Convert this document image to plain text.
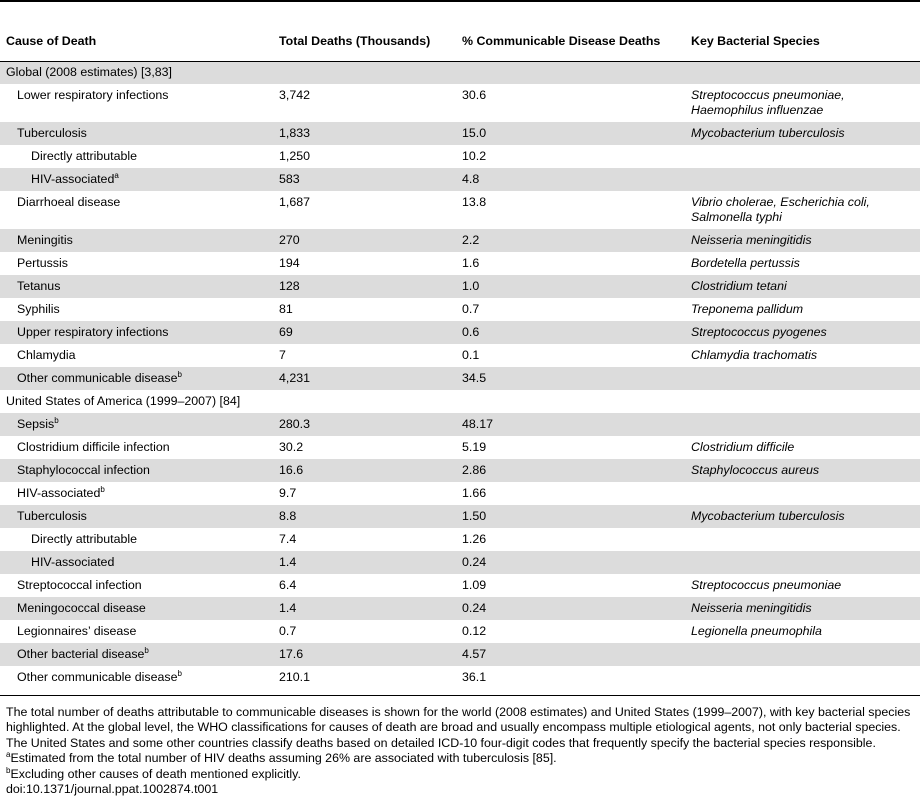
Cause of Death	Total Deaths (Thousands)	% Communicable Disease Deaths	Key Bacterial Species
Global (2008 estimates) [3,83]			
Lower respiratory infections	3,742	30.6	Streptococcus pneumoniae, Haemophilus influenzae
Tuberculosis	1,833	15.0	Mycobacterium tuberculosis
Directly attributable	1,250	10.2	
HIV-associated$^a$	583	4.8	
Diarrhoeal disease	1,687	13.8	Vibrio cholerae, Escherichia coli, Salmonella typhi
Meningitis	270	2.2	Neisseria meningitidis
Pertussis	194	1.6	Bordetella pertussis
Tetanus	128	1.0	Clostridium tetani
Syphilis	81	0.7	Treponema pallidum
Upper respiratory infections	69	0.6	Streptococcus pyogenes
Chlamydia	7	0.1	Chlamydia trachomatis
Other communicable disease$^b$	4,231	34.5	
United States of America (1999–2007) [84]			
Sepsis$^b$	280.3	48.17	
Clostridium difficile infection	30.2	5.19	Clostridium difficile
Staphylococcal infection	16.6	2.86	Staphylococcus aureus
HIV-associated$^b$	9.7	1.66	
Tuberculosis	8.8	1.50	Mycobacterium tuberculosis
Directly attributable	7.4	1.26	
HIV-associated	1.4	0.24	
Streptococcal infection	6.4	1.09	Streptococcus pneumoniae
Meningococcal disease	1.4	0.24	Neisseria meningitidis
Legionnaires’ disease	0.7	0.12	Legionella pneumophila
Other bacterial disease$^b$	17.6	4.57	
Other communicable disease$^b$	210.1	36.1	
The total number of deaths attributable to communicable diseases is shown for the world (2008 estimates) and United States (1999–2007), with key bacterial species highlighted. At the global level, the WHO classifications for causes of death are broad and usually encompass multiple etiological agents, not only bacterial species. The United States and some other countries classify deaths based on detailed ICD-10 four-digit codes that frequently specify the bacterial species responsible.
$^a$Estimated from the total number of HIV deaths assuming 26% are associated with tuberculosis [85].
$^b$Excluding other causes of death mentioned explicitly.
doi:10.1371/journal.ppat.1002874.t001
